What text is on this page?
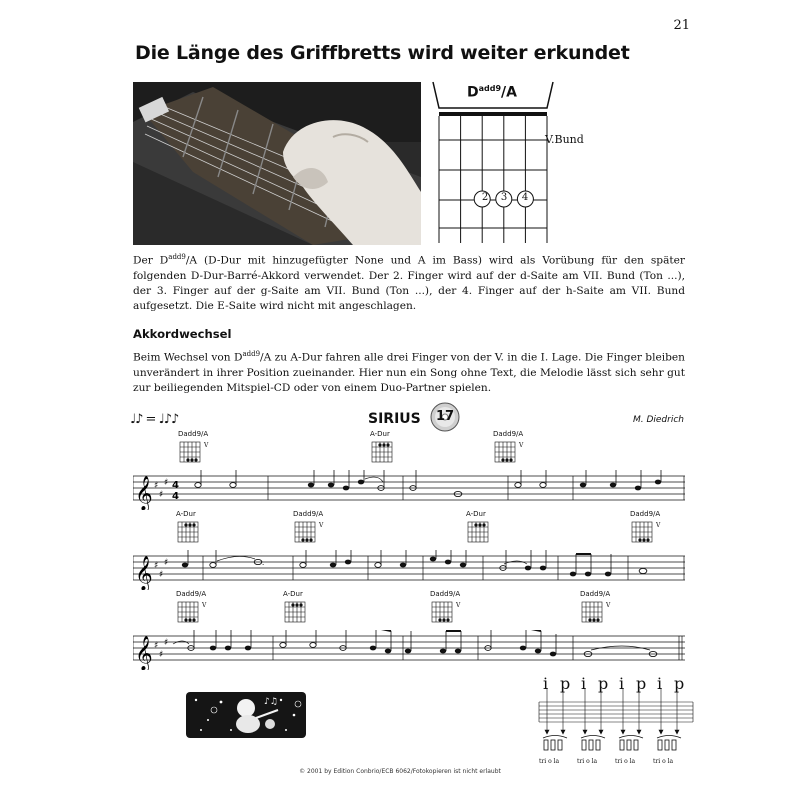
21
Die Länge des Griffbretts wird weiter erkundet
$D^{add9}/A$
2	3	4
V.Bund
Der $D^{add9}/A$ (D-Dur mit hinzugefügter None und A im Bass) wird als Vorübung für den später folgenden D-Dur-Barré-Akkord verwendet. Der 2. Finger wird auf der d-Saite am VII. Bund (Ton ...), der 3. Finger auf der g-Saite am VII. Bund (Ton ...), der 4. Finger auf der h-Saite am VII. Bund aufgesetzt. Die E-Saite wird nicht mit angeschlagen.
Akkordwechsel
Beim Wechsel von $D^{add9}/A$ zu A-Dur fahren alle drei Finger von der V. in die I. Lage. Die Finger bleiben unverändert in ihrer Position zueinander. Hier nun ein Song ohne Text, die Melodie lässt sich sehr gut zur beiliegenden Mitspiel-CD oder von einem Duo-Partner spielen.
♩♪ = ♩♪♪	SIRIUS	17	M. Diedrich
Dadd9/A
V
A-Dur	Dadd9/A
V
A-Dur	Dadd9/A
V
A-Dur	Dadd9/A
V
Dadd9/A
V
A-Dur	Dadd9/A
V
Dadd9/A
V
𝄞 ♯
♯
♯ 4
4
𝄞 ♯
♯
♯	.
𝄞 ♯
♯
♯
♪♫
i p i p i p i p
tri o la	tri o la	tri o la	tri o la
© 2001 by Edition Conbrio/ECB 6062/Fotokopieren ist nicht erlaubt
